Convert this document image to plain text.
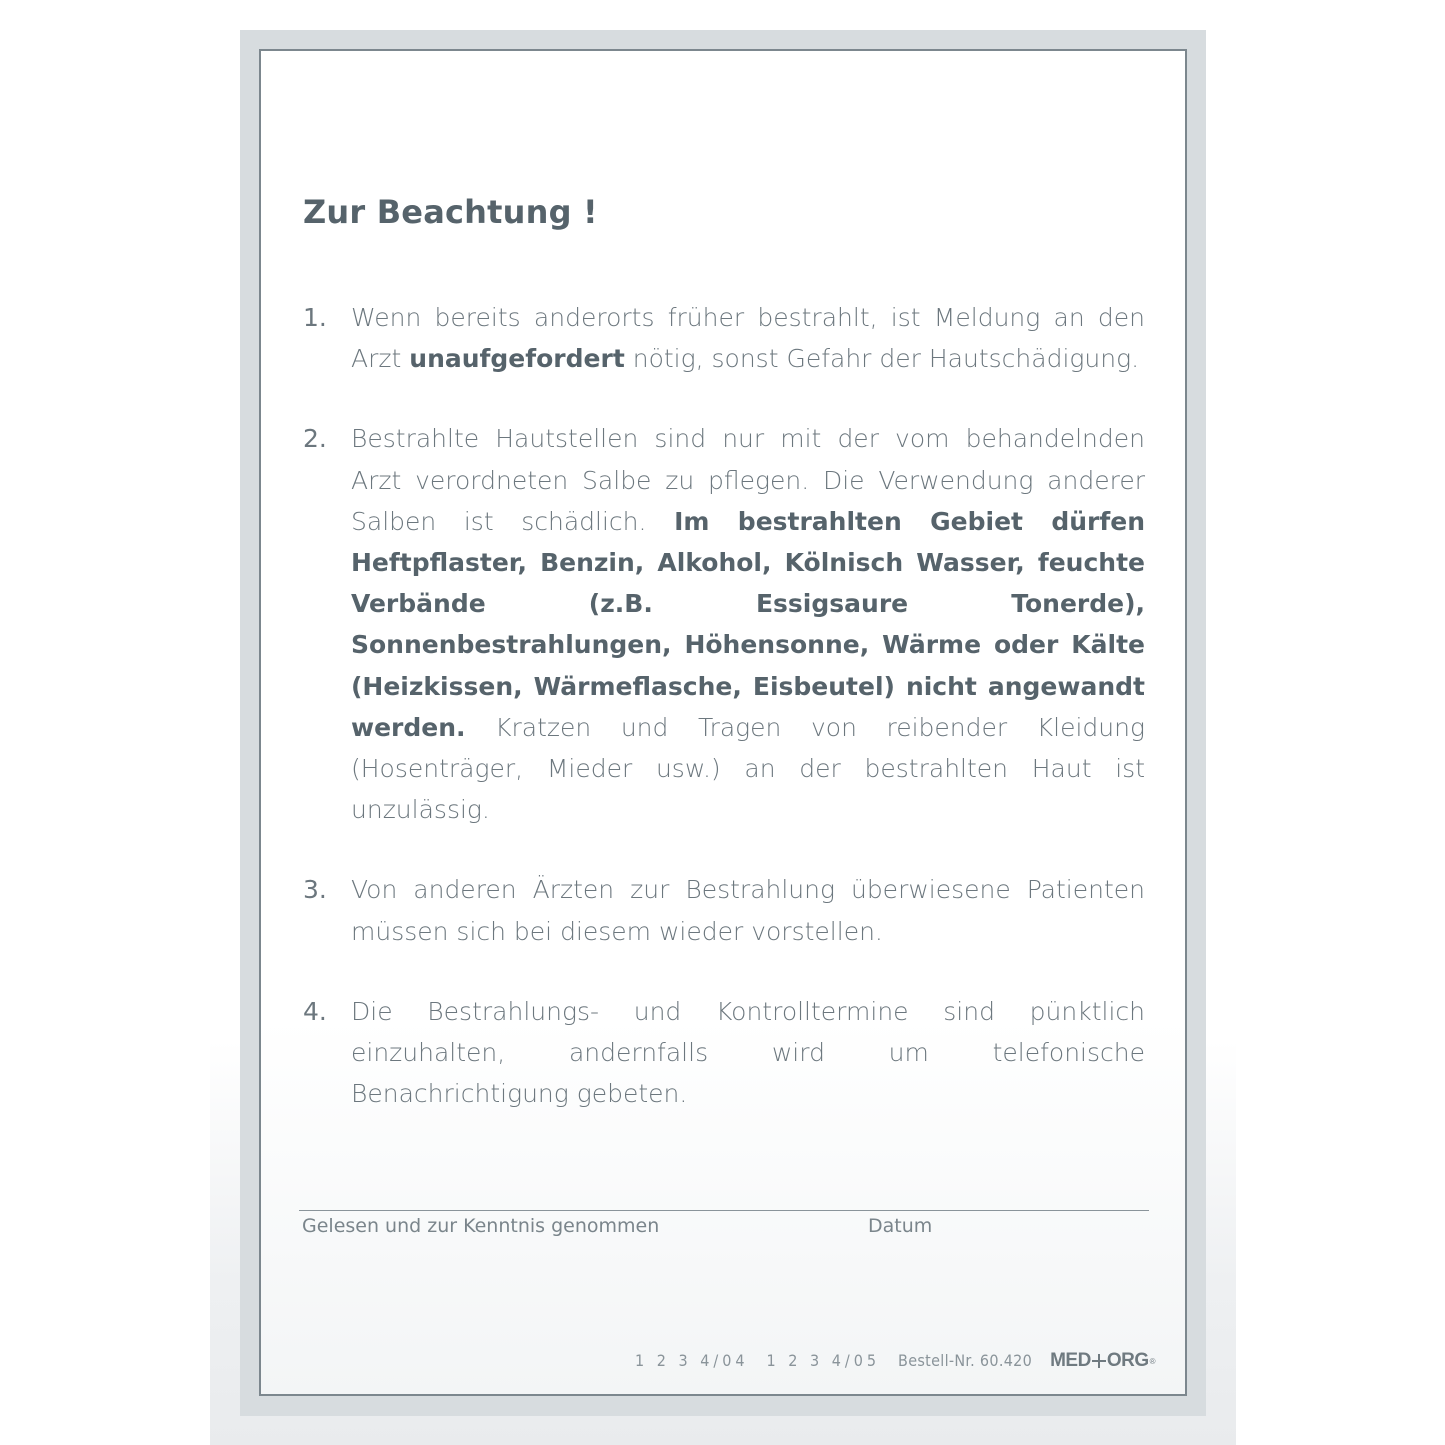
Zur Beachtung !
1. Wenn bereits anderorts früher bestrahlt, ist Meldung an den Arzt unaufgefordert nötig, sonst Gefahr der Hautschädigung.

2. Bestrahlte Hautstellen sind nur mit der vom behandelnden Arzt verordneten Salbe zu pflegen. Die Verwendung anderer Salben ist schädlich. Im bestrahlten Gebiet dürfen Heftpflaster, Benzin, Alkohol, Kölnisch Wasser, feuchte Verbände (z.B. Essigsaure Tonerde), Sonnenbestrahlungen, Höhensonne, Wärme oder Kälte (Heizkissen, Wärmeflasche, Eisbeutel) nicht angewandt werden. Kratzen und Tragen von reibender Kleidung (Hosenträger, Mieder usw.) an der bestrahlten Haut ist unzulässig.

3. Von anderen Ärzten zur Bestrahlung überwiesene Patienten müssen sich bei diesem wieder vorstellen.

4. Die Bestrahlungs- und Kontrolltermine sind pünktlich einzuhalten, andernfalls wird um telefonische Benachrichtigung gebeten.

Gelesen und zur Kenntnis genommen	Datum
1 2 3 4/04 1 2 3 4/05 Bestell-Nr. 60.420 MED ORG ®
